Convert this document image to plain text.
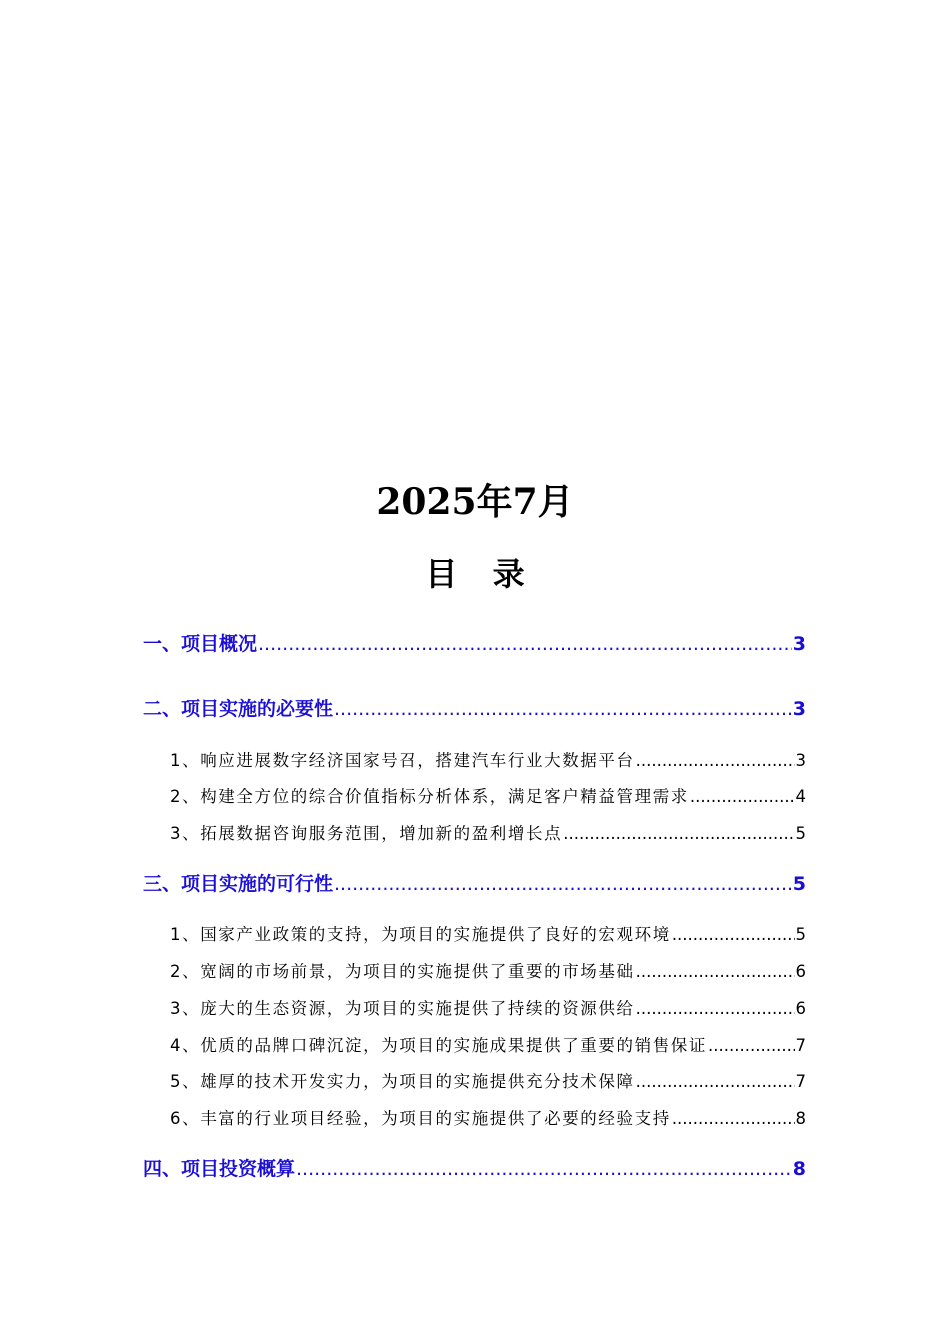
2025年7月
目 录
一、项目概况 .....	3
二、项目实施的必要性 .....	3
1、响应进展数字经济国家号召，搭建汽车行业大数据平台 .....	3
2、构建全方位的综合价值指标分析体系，满足客户精益管理需求 .....	4
3、拓展数据咨询服务范围，增加新的盈利增长点 .....	5
三、项目实施的可行性 .....	5
1、国家产业政策的支持，为项目的实施提供了良好的宏观环境 .....	5
2、宽阔的市场前景，为项目的实施提供了重要的市场基础 .....	6
3、庞大的生态资源，为项目的实施提供了持续的资源供给 .....	6
4、优质的品牌口碑沉淀，为项目的实施成果提供了重要的销售保证 .....	7
5、雄厚的技术开发实力，为项目的实施提供充分技术保障 .....	7
6、丰富的行业项目经验，为项目的实施提供了必要的经验支持 .....	8
四、项目投资概算 .....	8
